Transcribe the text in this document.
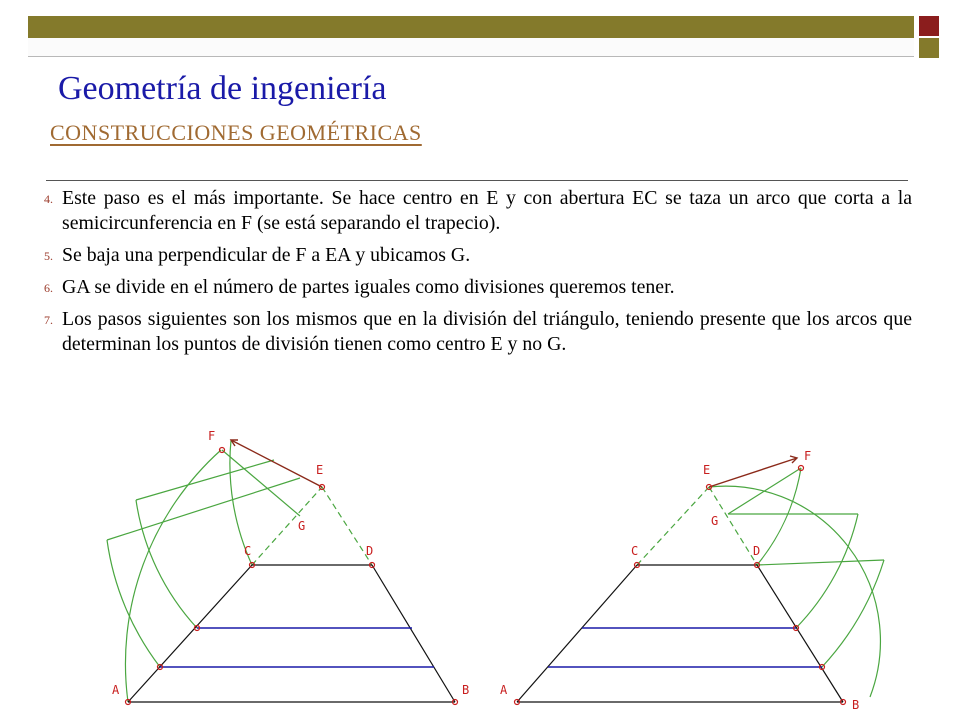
Geometría de ingeniería
CONSTRUCCIONES GEOMÉTRICAS
4. Este paso es el más importante. Se hace centro en E y con abertura EC se taza un arco que corta a la semicircunferencia en F (se está separando el trapecio).
5. Se baja una perpendicular de F a EA y ubicamos G.
6. GA se divide en el número de partes iguales como divisiones queremos tener.
7. Los pasos siguientes son los mismos que en la división del triángulo, teniendo presente que los arcos que determinan los puntos de división tienen como centro E y no G.
F
E
G
C	D
A	B
F
E
G
C	D
A
B
